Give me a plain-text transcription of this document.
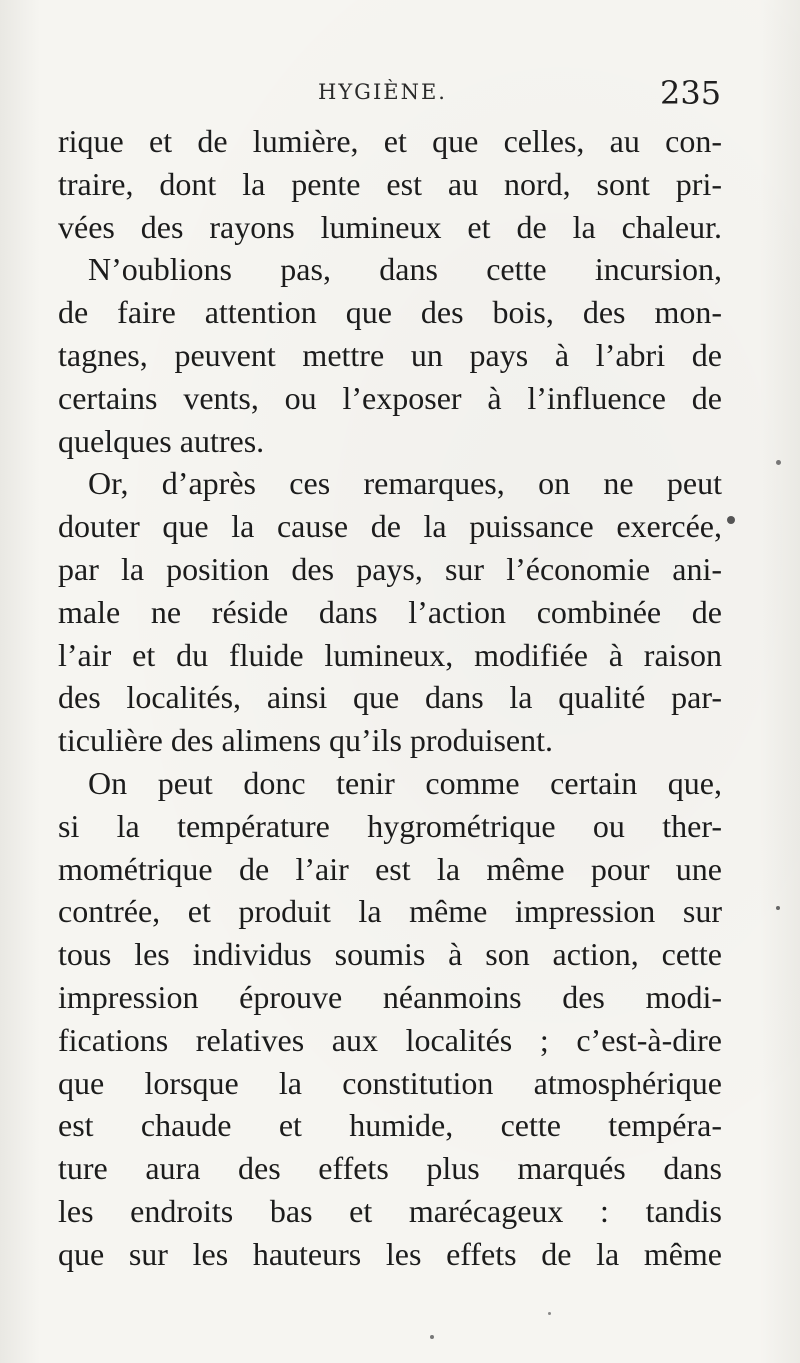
HYGIÈNE.	235
rique et de lumière, et que celles, au con-
traire, dont la pente est au nord, sont pri-
vées des rayons lumineux et de la chaleur.
N’oublions pas, dans cette incursion,
de faire attention que des bois, des mon-
tagnes, peuvent mettre un pays à l’abri de
certains vents, ou l’exposer à l’influence de
quelques autres.
Or, d’après ces remarques, on ne peut
douter que la cause de la puissance exercée,
par la position des pays, sur l’économie ani-
male ne réside dans l’action combinée de
l’air et du fluide lumineux, modifiée à raison
des localités, ainsi que dans la qualité par-
ticulière des alimens qu’ils produisent.
On peut donc tenir comme certain que,
si la température hygrométrique ou ther-
mométrique de l’air est la même pour une
contrée, et produit la même impression sur
tous les individus soumis à son action, cette
impression éprouve néanmoins des modi-
fications relatives aux localités ; c’est-à-dire
que lorsque la constitution atmosphérique
est chaude et humide, cette tempéra-
ture aura des effets plus marqués dans
les endroits bas et marécageux : tandis
que sur les hauteurs les effets de la même
